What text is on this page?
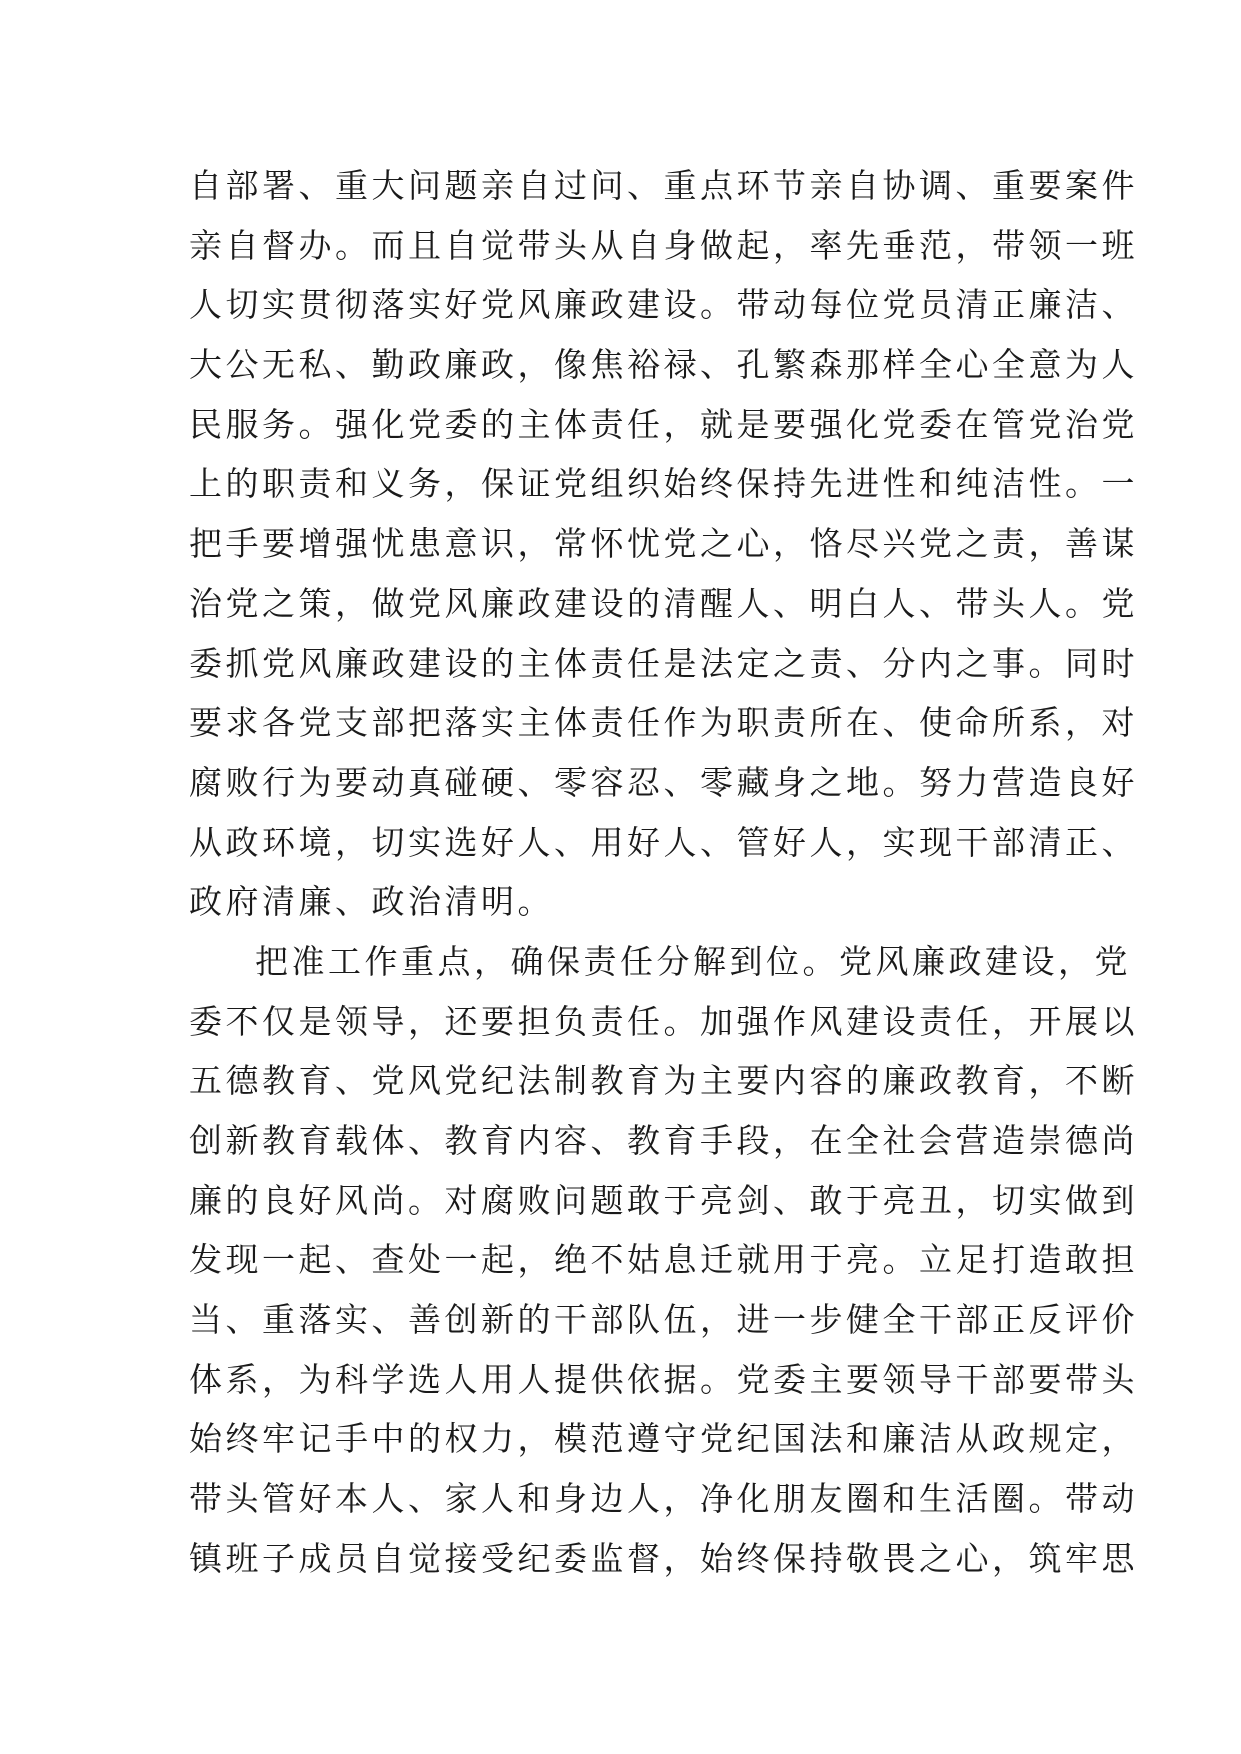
自部署、重大问题亲自过问、重点环节亲自协调、重要案件
亲自督办。而且自觉带头从自身做起，率先垂范，带领一班
人切实贯彻落实好党风廉政建设。带动每位党员清正廉洁、
大公无私、勤政廉政，像焦裕禄、孔繁森那样全心全意为人
民服务。强化党委的主体责任，就是要强化党委在管党治党
上的职责和义务，保证党组织始终保持先进性和纯洁性。一
把手要增强忧患意识，常怀忧党之心，恪尽兴党之责，善谋
治党之策，做党风廉政建设的清醒人、明白人、带头人。党
委抓党风廉政建设的主体责任是法定之责、分内之事。同时
要求各党支部把落实主体责任作为职责所在、使命所系，对
腐败行为要动真碰硬、零容忍、零藏身之地。努力营造良好
从政环境，切实选好人、用好人、管好人，实现干部清正、
政府清廉、政治清明。
把准工作重点，确保责任分解到位。党风廉政建设，党
委不仅是领导，还要担负责任。加强作风建设责任，开展以
五德教育、党风党纪法制教育为主要内容的廉政教育，不断
创新教育载体、教育内容、教育手段，在全社会营造崇德尚
廉的良好风尚。对腐败问题敢于亮剑、敢于亮丑，切实做到
发现一起、查处一起，绝不姑息迁就用于亮。立足打造敢担
当、重落实、善创新的干部队伍，进一步健全干部正反评价
体系，为科学选人用人提供依据。党委主要领导干部要带头
始终牢记手中的权力，模范遵守党纪国法和廉洁从政规定，
带头管好本人、家人和身边人，净化朋友圈和生活圈。带动
镇班子成员自觉接受纪委监督，始终保持敬畏之心，筑牢思
